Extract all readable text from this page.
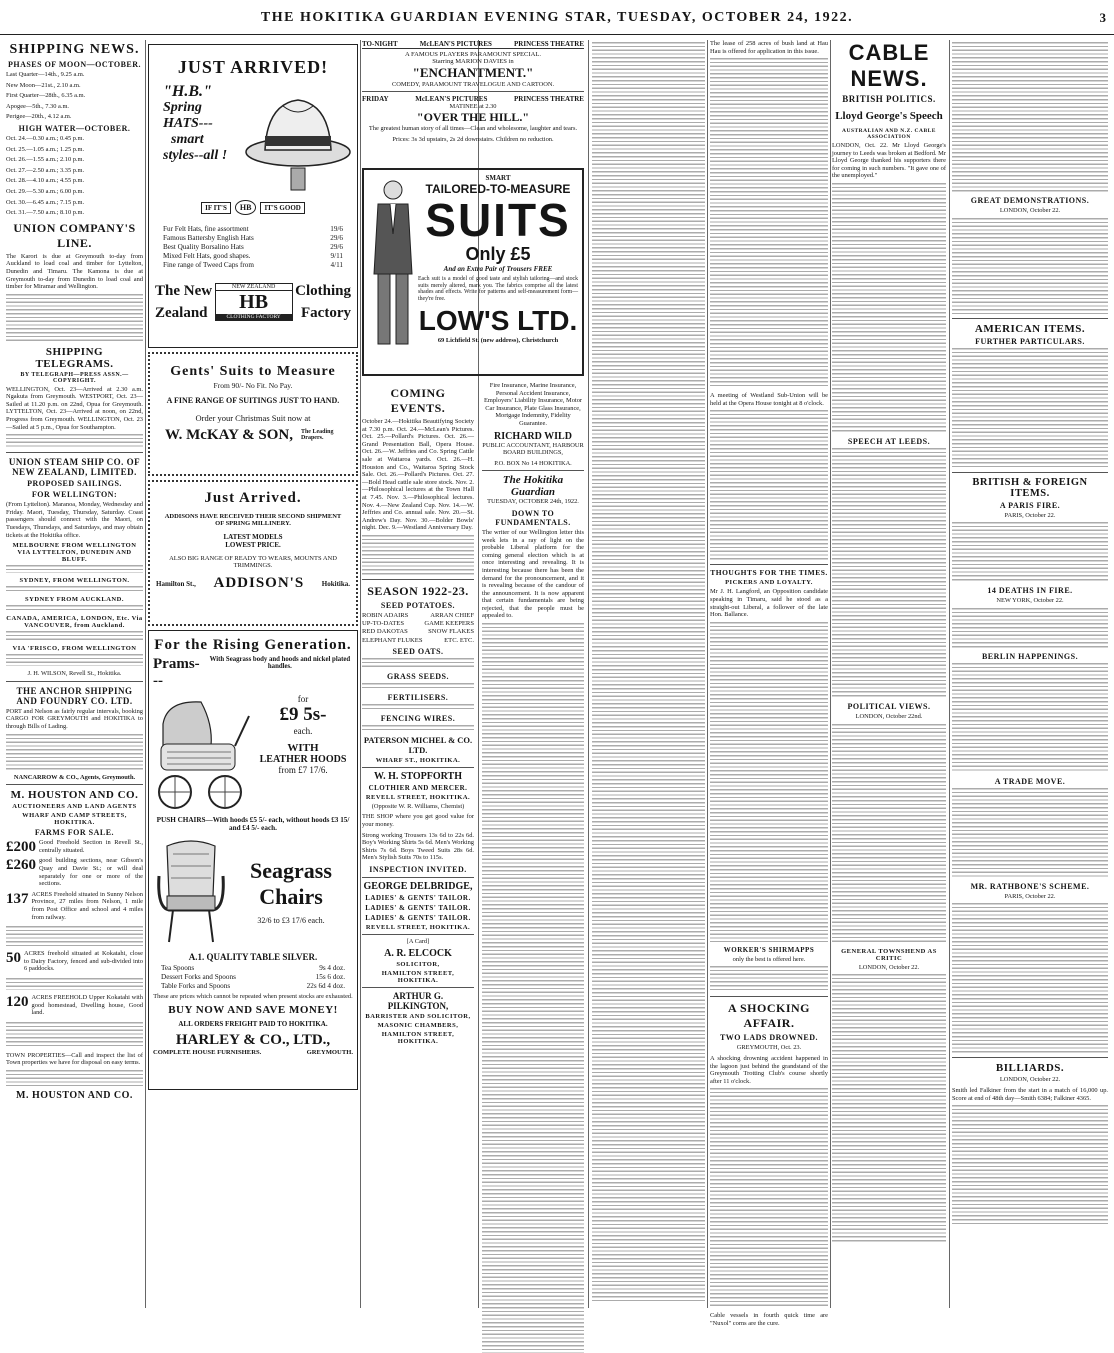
THE HOKITIKA GUARDIAN EVENING STAR, TUESDAY, OCTOBER 24, 1922.	3
SHIPPING NEWS.
PHASES OF MOON—OCTOBER.
Last Quarter—14th., 9.25 a.m.
New Moon—21st., 2.10 a.m.
First Quarter—28th., 6.35 a.m.
Apogee—5th., 7.30 a.m.
Perigee—20th., 4.12 a.m.
HIGH WATER—OCTOBER.
Oct. 24.—0.30 a.m.; 0.45 p.m.
Oct. 25.—1.05 a.m.; 1.25 p.m.
Oct. 26.—1.55 a.m.; 2.10 p.m.
Oct. 27.—2.50 a.m.; 3.35 p.m.
Oct. 28.—4.10 a.m.; 4.55 p.m.
Oct. 29.—5.30 a.m.; 6.00 p.m.
Oct. 30.—6.45 a.m.; 7.15 p.m.
Oct. 31.—7.50 a.m.; 8.10 p.m.
UNION COMPANY'S LINE.
The Karori is due at Greymouth to-day from Auckland to load coal and timber for Lyttelton, Dunedin and Timaru. The Kamona is due at Greymouth to-day from Dunedin to load coal and timber for Miramar and Wellington.
SHIPPING TELEGRAMS.
BY TELEGRAPH—PRESS ASSN.—COPYRIGHT.
WELLINGTON, Oct. 23—Arrived at 2.30 a.m. Ngakuta from Greymouth. WESTPORT, Oct. 23—Sailed at 11.20 p.m. on 22nd, Opua for Greymouth. LYTTELTON, Oct. 23—Arrived at noon, on 22nd, Progress from Greymouth. WELLINGTON, Oct. 23—Sailed at 5 p.m., Opua for Southampton.
UNION STEAM SHIP CO. OF NEW ZEALAND, LIMITED.
PROPOSED SAILINGS.
FOR WELLINGTON:
(From Lyttelton). Maranoa, Monday, Wednesday and Friday. Maori, Tuesday, Thursday, Saturday. Coast passengers should connect with the Maori, on Tuesdays, Thursdays, and Saturdays, and may obtain tickets at the Hokitika office.
MELBOURNE FROM WELLINGTON VIA LYTTELTON, DUNEDIN AND BLUFF.
SYDNEY, FROM WELLINGTON.
SYDNEY FROM AUCKLAND.
CANADA, AMERICA, LONDON, Etc. Via VANCOUVER, from Auckland.
VIA 'FRISCO, FROM WELLINGTON
J. H. WILSON, Revell St., Hokitika.
THE ANCHOR SHIPPING AND FOUNDRY CO. LTD.
PORT and Nelson as fairly regular intervals, booking CARGO FOR GREYMOUTH and HOKITIKA to through Bills of Lading.
NANCARROW & CO., Agents, Greymouth.
M. HOUSTON AND CO.
AUCTIONEERS AND LAND AGENTS
WHARF AND CAMP STREETS, HOKITIKA.
FARMS FOR SALE.
£200 Good Freehold Section in Revell St., centrally situated.
£260 good building sections, near Gibson's Quay and Davie St.; or will deal separately for one or more of the sections.
137 ACRES Freehold situated in Sunny Nelson Province, 27 miles from Nelson, 1 mile from Post Office and school and 4 miles from railway.
50 ACRES freehold situated at Kokatahi, close to Dairy Factory, fenced and sub-divided into 6 paddocks.
120 ACRES FREEHOLD Upper Kokatahi with good homestead, Dwelling house, Good land.
TOWN PROPERTIES—Call and inspect the list of Town properties we have for disposal on easy terms.
M. HOUSTON AND CO.
JUST ARRIVED!
"H.B."
Spring
HATS---
smart
styles--all !
IF IT'S	HB	IT'S GOOD
Fur Felt Hats, fine assortment	19/6
Famous Battersby English Hats	29/6
Best Quality Borsalino Hats	29/6
Mixed Felt Hats, good shapes.	9/11
Fine range of Tweed Caps from	4/11
The New
Zealand
NEW ZEALAND
HB
CLOTHING FACTORY
Clothing
Factory
Gents' Suits to Measure
From 90/- No Fit. No Pay.
A FINE RANGE OF SUITINGS JUST TO HAND.
Order your Christmas Suit now at
W. McKAY & SON, The Leading Drapers.
Just Arrived.
ADDISONS HAVE RECEIVED THEIR SECOND SHIPMENT OF SPRING MILLINERY.
LATEST MODELS
LOWEST PRICE.
ALSO BIG RANGE OF READY TO WEARS, MOUNTS AND TRIMMINGS.
Hamilton St., ADDISON'S	Hokitika.
For the Rising Generation.
Prams---
With Seagrass body and hoods and nickel plated handles.
for
£9 5s-
each.
WITH
LEATHER HOODS
from £7 17/6.
PUSH CHAIRS—With hoods £5 5/- each, without hoods £3 15/ and £4 5/- each.
Seagrass
Chairs
32/6 to £3 17/6 each.
A.1. QUALITY TABLE SILVER.
Tea Spoons	9s 4 doz.
Dessert Forks and Spoons	15s 6 doz.
Table Forks and Spoons	22s 6d 4 doz.
These are prices which cannot be repeated when present stocks are exhausted.
BUY NOW AND SAVE MONEY!
ALL ORDERS FREIGHT PAID TO HOKITIKA.
HARLEY & CO., LTD.,
COMPLETE HOUSE FURNISHERS.	GREYMOUTH.
TO-NIGHT	McLEAN'S PICTURES	PRINCESS THEATRE
A FAMOUS PLAYERS PARAMOUNT SPECIAL.
Starring MARION DAVIES in
"ENCHANTMENT."
COMEDY, PARAMOUNT TRAVELOGUE AND CARTOON.
FRIDAY	McLEAN'S PICTURES	PRINCESS THEATRE
MATINEE at 2.30
"OVER THE HILL."
The greatest human story of all times—Clean and wholesome, laughter and tears.
Prices: 3s 3d upstairs, 2s 2d downstairs. Children no reduction.
SMART
TAILORED-TO-MEASURE
SUITS
Only £5
And an Extra Pair of Trousers FREE
Each suit is a model of good taste and stylish tailoring—and stock suits merely altered, mark you. The fabrics comprise all the latest shades and effects. Write for patterns and self-measurement form—they're free.
LOW'S LTD.
69 Lichfield St. (new address), Christchurch
COMING EVENTS.
October 24.—Hokitika Beautifying Society at 7.30 p.m. Oct. 24.—McLean's Pictures. Oct. 25.—Pollard's Pictures. Oct. 26.—Grand Presentation Ball, Opera House. Oct. 26.—W. Jeffries and Co. Spring Cattle sale at Waitaroa yards. Oct. 26.—H. Houston and Co., Waitaroa Spring Stock Sale. Oct. 26.—Pollard's Pictures. Oct. 27.—Bold Head cattle sale store stock. Nov. 2.—Philosophical lectures at the Town Hall at 7.45. Nov. 3.—Philosophical lectures. Nov. 4.—New Zealand Cup. Nov. 14.—W. Jeffries and Co. annual sale. Nov. 20.—St. Andrew's Day. Nov. 30.—Bolder Bowls' night. Dec. 9.—Westland Anniversary Day.
SEASON 1922-23.
SEED POTATOES.
ROBIN ADAIRS	ARRAN CHIEF
UP-TO-DATES	GAME KEEPERS
RED DAKOTAS	SNOW FLAKES
ELEPHANT FLUKES	ETC. ETC.
SEED OATS.
GRASS SEEDS.
FERTILISERS.
FENCING WIRES.
PATERSON MICHEL & CO. LTD.
WHARF ST., HOKITIKA.
W. H. STOPFORTH
CLOTHIER AND MERCER.
REVELL STREET, HOKITIKA.
(Opposite W. R. Williams, Chemist)
THE SHOP where you get good value for your money.
Strong working Trousers 13s 6d to 22s 6d. Boy's Working Shirts 5s 6d. Men's Working Shirts 7s 6d. Boys Tweed Suits 28s 6d. Men's Stylish Suits 70s to 115s.
INSPECTION INVITED.
GEORGE DELBRIDGE,
LADIES' & GENTS' TAILOR.
LADIES' & GENTS' TAILOR.
LADIES' & GENTS' TAILOR.
REVELL STREET, HOKITIKA.
[A Card]
A. R. ELCOCK
SOLICITOR,
HAMILTON STREET, HOKITIKA.
ARTHUR G. PILKINGTON,
BARRISTER AND SOLICITOR,
MASONIC CHAMBERS,
HAMILTON STREET, HOKITIKA.
Fire Insurance, Marine Insurance, Personal Accident Insurance, Employers' Liability Insurance, Motor Car Insurance, Plate Glass Insurance, Mortgage Indemnity, Fidelity Guarantee.
RICHARD WILD
PUBLIC ACCOUNTANT, HARBOUR BOARD BUILDINGS,
P.O. BOX No 14 HOKITIKA.
The Hokitika Guardian
TUESDAY, OCTOBER 24th, 1922.
DOWN TO FUNDAMENTALS.
The writer of our Wellington letter this week lets in a ray of light on the probable Liberal platform for the coming general election which is at once interesting and revealing. It is interesting because there has been the demand for the pronouncement, and it is revealing because of the candour of the announcement. It is now apparent that certain fundamentals are being rejected, that the people must be appealed to.
The lease of 258 acres of bush land at Hau Hau is offered for application in this issue.
A meeting of Westland Sub-Union will be held at the Opera House tonight at 8 o'clock.
THOUGHTS FOR THE TIMES.
PICKERS AND LOYALTY.
Mr J. H. Langford, an Opposition candidate speaking in Timaru, said he stood as a straight-out Liberal, a follower of the late Hon. Ballance.
WORKER'S SHIRMAPPS
only the best is offered here.
A SHOCKING AFFAIR.
TWO LADS DROWNED.
GREYMOUTH, Oct. 23.
A shocking drowning accident happened in the lagoon just behind the grandstand of the Greymouth Trotting Club's course shortly after 11 o'clock.
Cable vessels in fourth quick time are "Nuxol" corns are the cure.
CABLE NEWS.
BRITISH POLITICS.
Lloyd George's Speech
AUSTRALIAN AND N.Z. CABLE ASSOCIATION
LONDON, Oct. 22. Mr Lloyd George's journey to Leeds was broken at Bedford. Mr Lloyd George thanked his supporters there for coming in such numbers. "It gave one of the unemployed."
SPEECH AT LEEDS.
POLITICAL VIEWS.
LONDON, October 22nd.
GENERAL TOWNSHEND AS CRITIC
LONDON, October 22.
GREAT DEMONSTRATIONS.
LONDON, October 22.
AMERICAN ITEMS.
FURTHER PARTICULARS.
BRITISH & FOREIGN ITEMS.
A PARIS FIRE.
PARIS, October 22.
14 DEATHS IN FIRE.
NEW YORK, October 22.
BERLIN HAPPENINGS.
A TRADE MOVE.
MR. RATHBONE'S SCHEME.
PARIS, October 22.
BILLIARDS.
LONDON, October 22.
Smith led Falkiner from the start in a match of 16,000 up. Score at end of 48th day—Smith 6384; Falkiner 4365.
